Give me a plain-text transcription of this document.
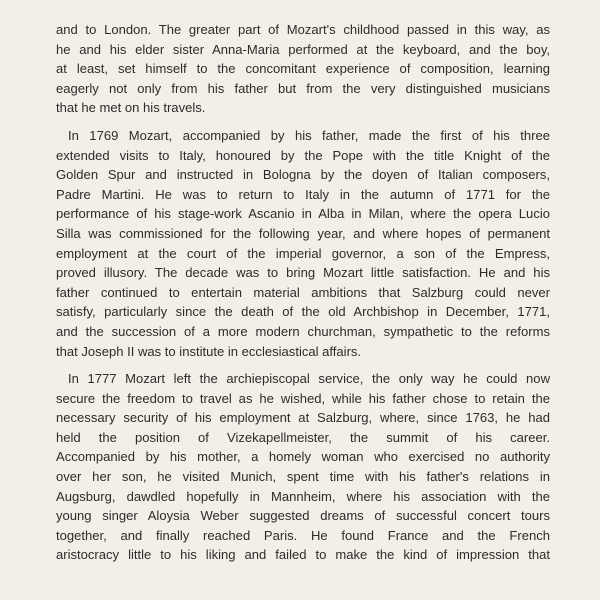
and to London. The greater part of Mozart's childhood passed in this way, as
he and his elder sister Anna-Maria performed at the keyboard, and the boy,
at least, set himself to the concomitant experience of composition, learning
eagerly not only from his father but from the very distinguished musicians
that he met on his travels.

In 1769 Mozart, accompanied by his father, made the first of his three
extended visits to Italy, honoured by the Pope with the title Knight of the
Golden Spur and instructed in Bologna by the doyen of Italian composers,
Padre Martini. He was to return to Italy in the autumn of 1771 for the
performance of his stage-work Ascanio in Alba in Milan, where the opera Lucio
Silla was commissioned for the following year, and where hopes of permanent
employment at the court of the imperial governor, a son of the Empress,
proved illusory. The decade was to bring Mozart little satisfaction. He and his
father continued to entertain material ambitions that Salzburg could never
satisfy, particularly since the death of the old Archbishop in December, 1771,
and the succession of a more modern churchman, sympathetic to the reforms
that Joseph II was to institute in ecclesiastical affairs.

In 1777 Mozart left the archiepiscopal service, the only way he could now
secure the freedom to travel as he wished, while his father chose to retain the
necessary security of his employment at Salzburg, where, since 1763, he had
held the position of Vizekapellmeister, the summit of his career.
Accompanied by his mother, a homely woman who exercised no authority
over her son, he visited Munich, spent time with his father's relations in
Augsburg, dawdled hopefully in Mannheim, where his association with the
young singer Aloysia Weber suggested dreams of successful concert tours
together, and finally reached Paris. He found France and the French
aristocracy little to his liking and failed to make the kind of impression that
